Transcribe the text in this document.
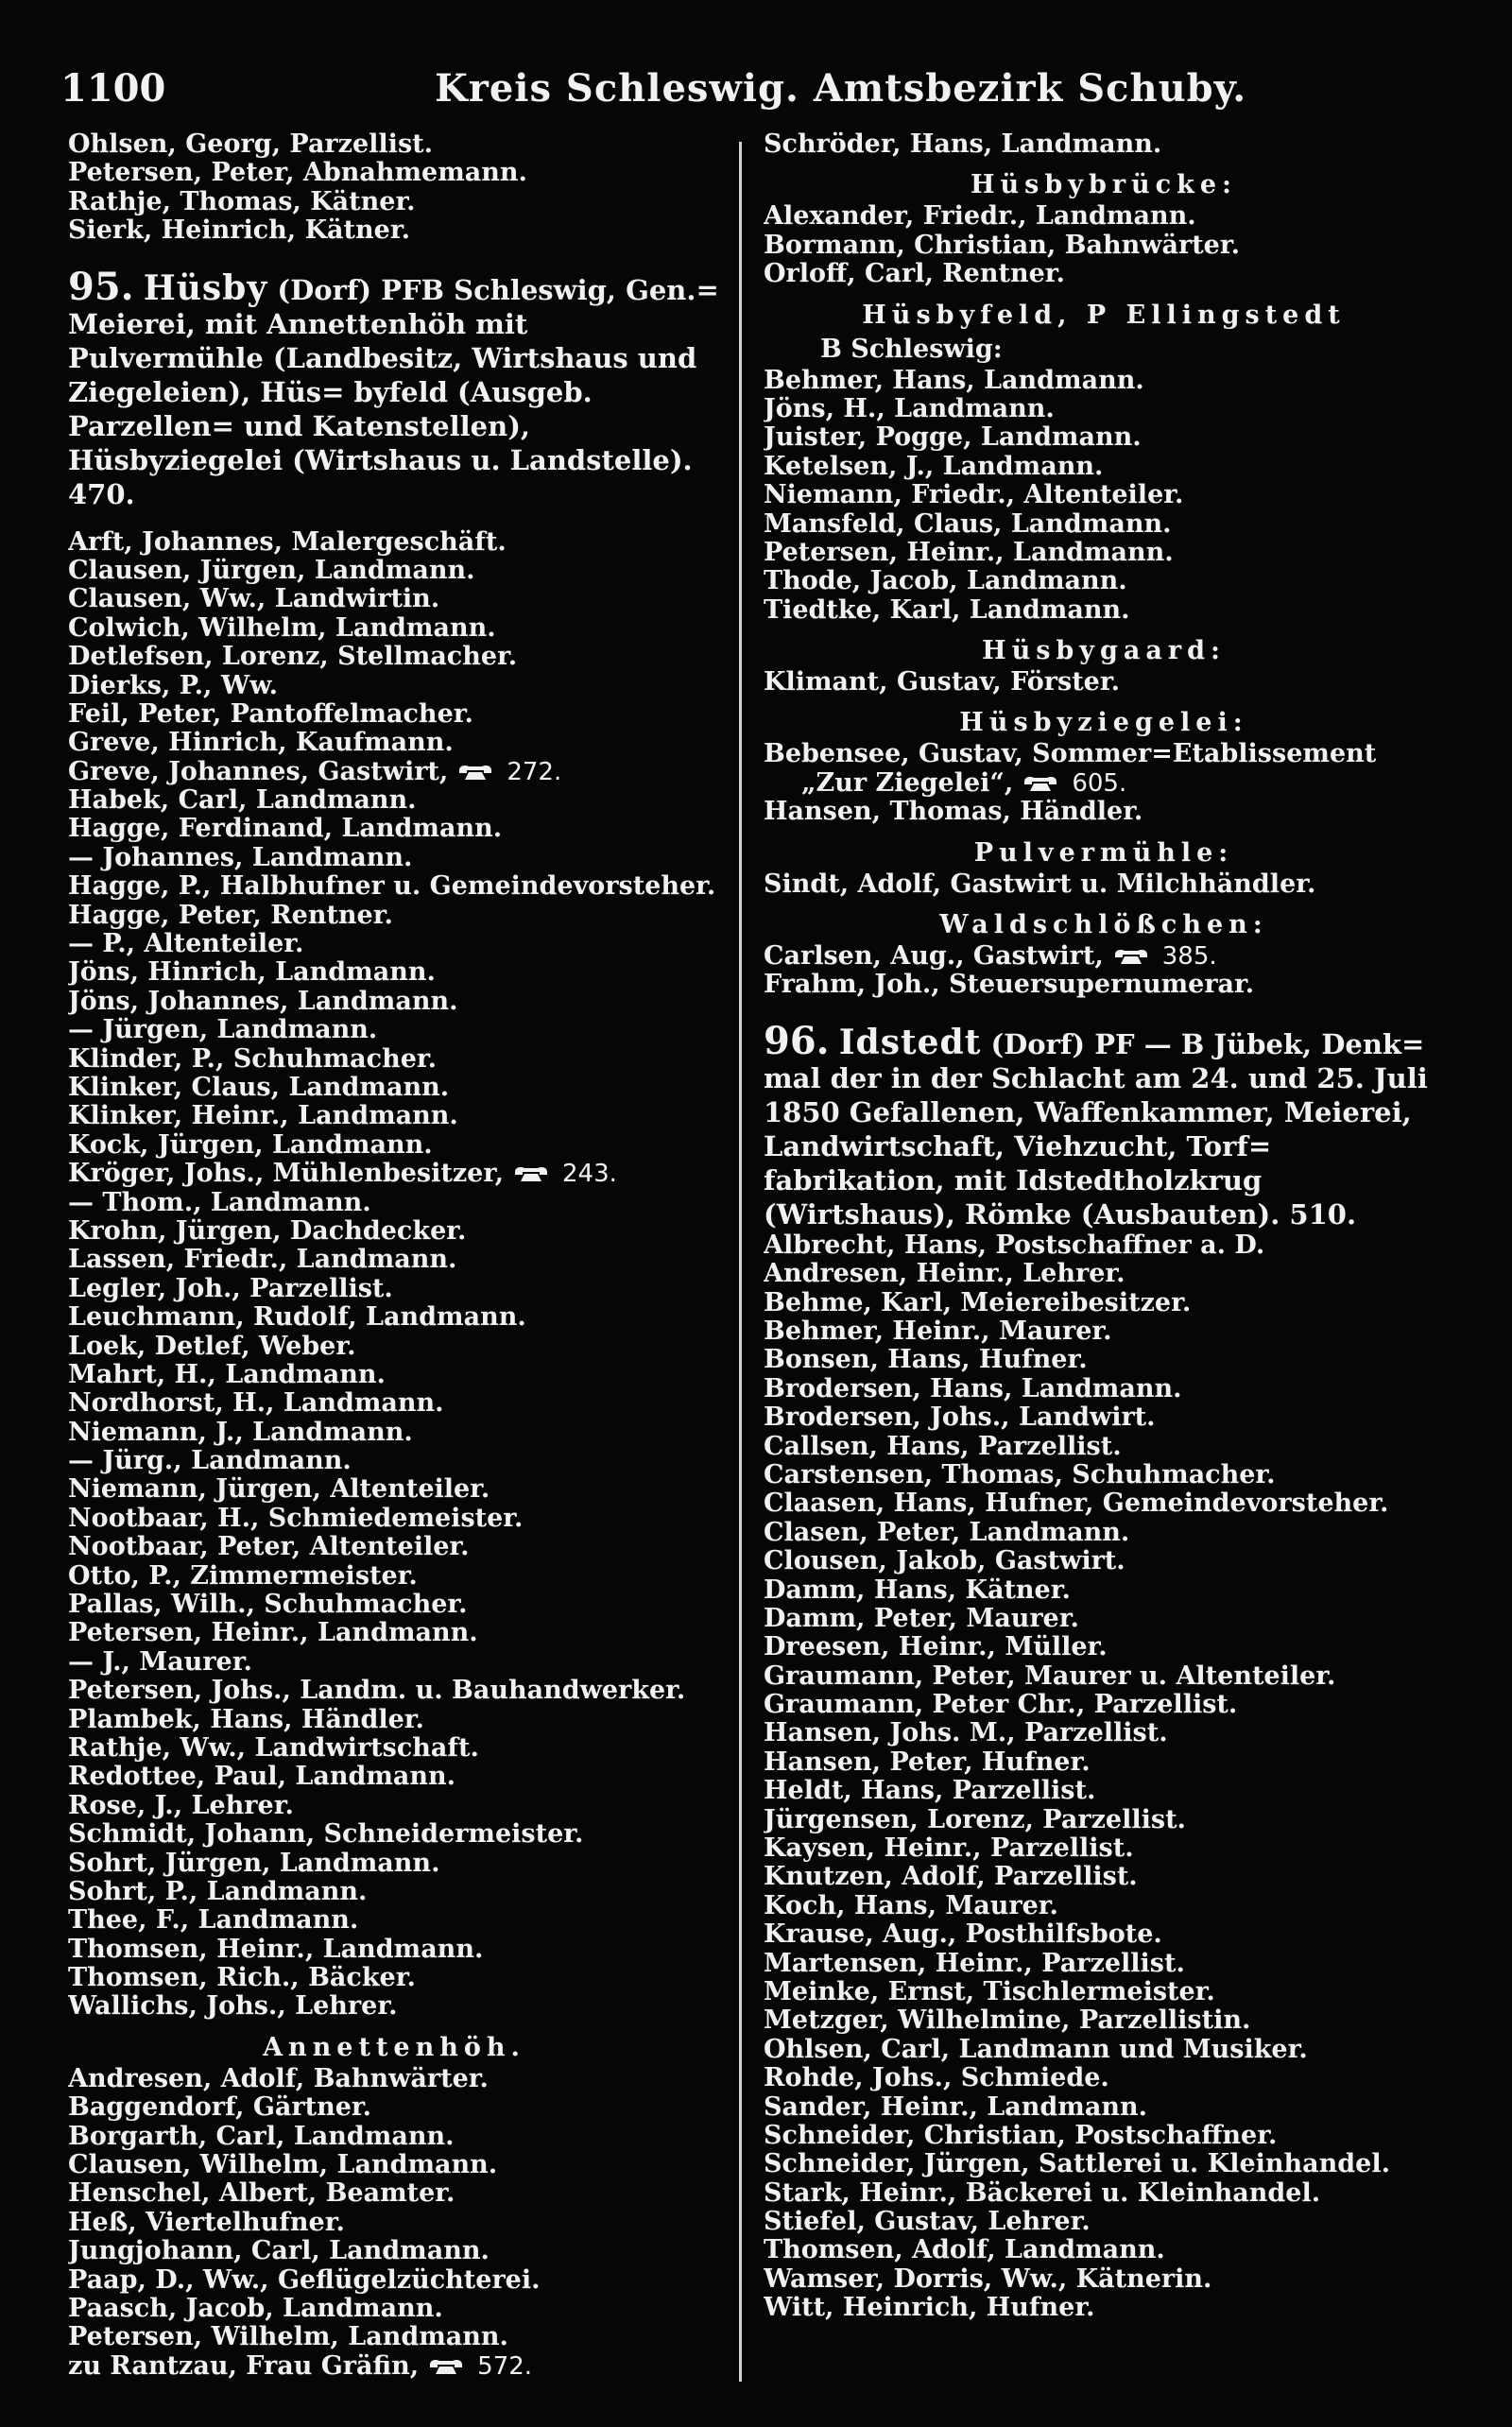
1100	Kreis Schleswig. Amtsbezirk Schuby.
Ohlsen, Georg, Parzellist.
Petersen, Peter, Abnahmemann.
Rathje, Thomas, Kätner.
Sierk, Heinrich, Kätner.
95. Hüsby (Dorf) PFB Schleswig, Gen.= Meierei, mit Annettenhöh mit Pulvermühle (Landbesitz, Wirtshaus und Ziegeleien), Hüs= byfeld (Ausgeb. Parzellen= und Katenstellen), Hüsbyziegelei (Wirtshaus u. Landstelle). 470.
Arft, Johannes, Malergeschäft.
Clausen, Jürgen, Landmann.
Clausen, Ww., Landwirtin.
Colwich, Wilhelm, Landmann.
Detlefsen, Lorenz, Stellmacher.
Dierks, P., Ww.
Feil, Peter, Pantoffelmacher.
Greve, Hinrich, Kaufmann.
Greve, Johannes, Gastwirt, 272.
Habek, Carl, Landmann.
Hagge, Ferdinand, Landmann.
— Johannes, Landmann.
Hagge, P., Halbhufner u. Gemeindevorsteher.
Hagge, Peter, Rentner.
— P., Altenteiler.
Jöns, Hinrich, Landmann.
Jöns, Johannes, Landmann.
— Jürgen, Landmann.
Klinder, P., Schuhmacher.
Klinker, Claus, Landmann.
Klinker, Heinr., Landmann.
Kock, Jürgen, Landmann.
Kröger, Johs., Mühlenbesitzer, 243.
— Thom., Landmann.
Krohn, Jürgen, Dachdecker.
Lassen, Friedr., Landmann.
Legler, Joh., Parzellist.
Leuchmann, Rudolf, Landmann.
Loek, Detlef, Weber.
Mahrt, H., Landmann.
Nordhorst, H., Landmann.
Niemann, J., Landmann.
— Jürg., Landmann.
Niemann, Jürgen, Altenteiler.
Nootbaar, H., Schmiedemeister.
Nootbaar, Peter, Altenteiler.
Otto, P., Zimmermeister.
Pallas, Wilh., Schuhmacher.
Petersen, Heinr., Landmann.
— J., Maurer.
Petersen, Johs., Landm. u. Bauhandwerker.
Plambek, Hans, Händler.
Rathje, Ww., Landwirtschaft.
Redottee, Paul, Landmann.
Rose, J., Lehrer.
Schmidt, Johann, Schneidermeister.
Sohrt, Jürgen, Landmann.
Sohrt, P., Landmann.
Thee, F., Landmann.
Thomsen, Heinr., Landmann.
Thomsen, Rich., Bäcker.
Wallichs, Johs., Lehrer.
Annettenhöh.
Andresen, Adolf, Bahnwärter.
Baggendorf, Gärtner.
Borgarth, Carl, Landmann.
Clausen, Wilhelm, Landmann.
Henschel, Albert, Beamter.
Heß, Viertelhufner.
Jungjohann, Carl, Landmann.
Paap, D., Ww., Geflügelzüchterei.
Paasch, Jacob, Landmann.
Petersen, Wilhelm, Landmann.
zu Rantzau, Frau Gräfin, 572.
Schröder, Hans, Landmann.
Hüsbybrücke:
Alexander, Friedr., Landmann.
Bormann, Christian, Bahnwärter.
Orloff, Carl, Rentner.
Hüsbyfeld, P Ellingstedt
B Schleswig:
Behmer, Hans, Landmann.
Jöns, H., Landmann.
Juister, Pogge, Landmann.
Ketelsen, J., Landmann.
Niemann, Friedr., Altenteiler.
Mansfeld, Claus, Landmann.
Petersen, Heinr., Landmann.
Thode, Jacob, Landmann.
Tiedtke, Karl, Landmann.
Hüsbygaard:
Klimant, Gustav, Förster.
Hüsbyziegelei:
Bebensee, Gustav, Sommer=Etablissement
„Zur Ziegelei“, 605.
Hansen, Thomas, Händler.
Pulvermühle:
Sindt, Adolf, Gastwirt u. Milchhändler.
Waldschlößchen:
Carlsen, Aug., Gastwirt, 385.
Frahm, Joh., Steuersupernumerar.
96. Idstedt (Dorf) PF — B Jübek, Denk= mal der in der Schlacht am 24. und 25. Juli 1850 Gefallenen, Waffenkammer, Meierei, Landwirtschaft, Viehzucht, Torf= fabrikation, mit Idstedtholzkrug (Wirtshaus), Römke (Ausbauten). 510.
Albrecht, Hans, Postschaffner a. D.
Andresen, Heinr., Lehrer.
Behme, Karl, Meiereibesitzer.
Behmer, Heinr., Maurer.
Bonsen, Hans, Hufner.
Brodersen, Hans, Landmann.
Brodersen, Johs., Landwirt.
Callsen, Hans, Parzellist.
Carstensen, Thomas, Schuhmacher.
Claasen, Hans, Hufner, Gemeindevorsteher.
Clasen, Peter, Landmann.
Clousen, Jakob, Gastwirt.
Damm, Hans, Kätner.
Damm, Peter, Maurer.
Dreesen, Heinr., Müller.
Graumann, Peter, Maurer u. Altenteiler.
Graumann, Peter Chr., Parzellist.
Hansen, Johs. M., Parzellist.
Hansen, Peter, Hufner.
Heldt, Hans, Parzellist.
Jürgensen, Lorenz, Parzellist.
Kaysen, Heinr., Parzellist.
Knutzen, Adolf, Parzellist.
Koch, Hans, Maurer.
Krause, Aug., Posthilfsbote.
Martensen, Heinr., Parzellist.
Meinke, Ernst, Tischlermeister.
Metzger, Wilhelmine, Parzellistin.
Ohlsen, Carl, Landmann und Musiker.
Rohde, Johs., Schmiede.
Sander, Heinr., Landmann.
Schneider, Christian, Postschaffner.
Schneider, Jürgen, Sattlerei u. Kleinhandel.
Stark, Heinr., Bäckerei u. Kleinhandel.
Stiefel, Gustav, Lehrer.
Thomsen, Adolf, Landmann.
Wamser, Dorris, Ww., Kätnerin.
Witt, Heinrich, Hufner.
